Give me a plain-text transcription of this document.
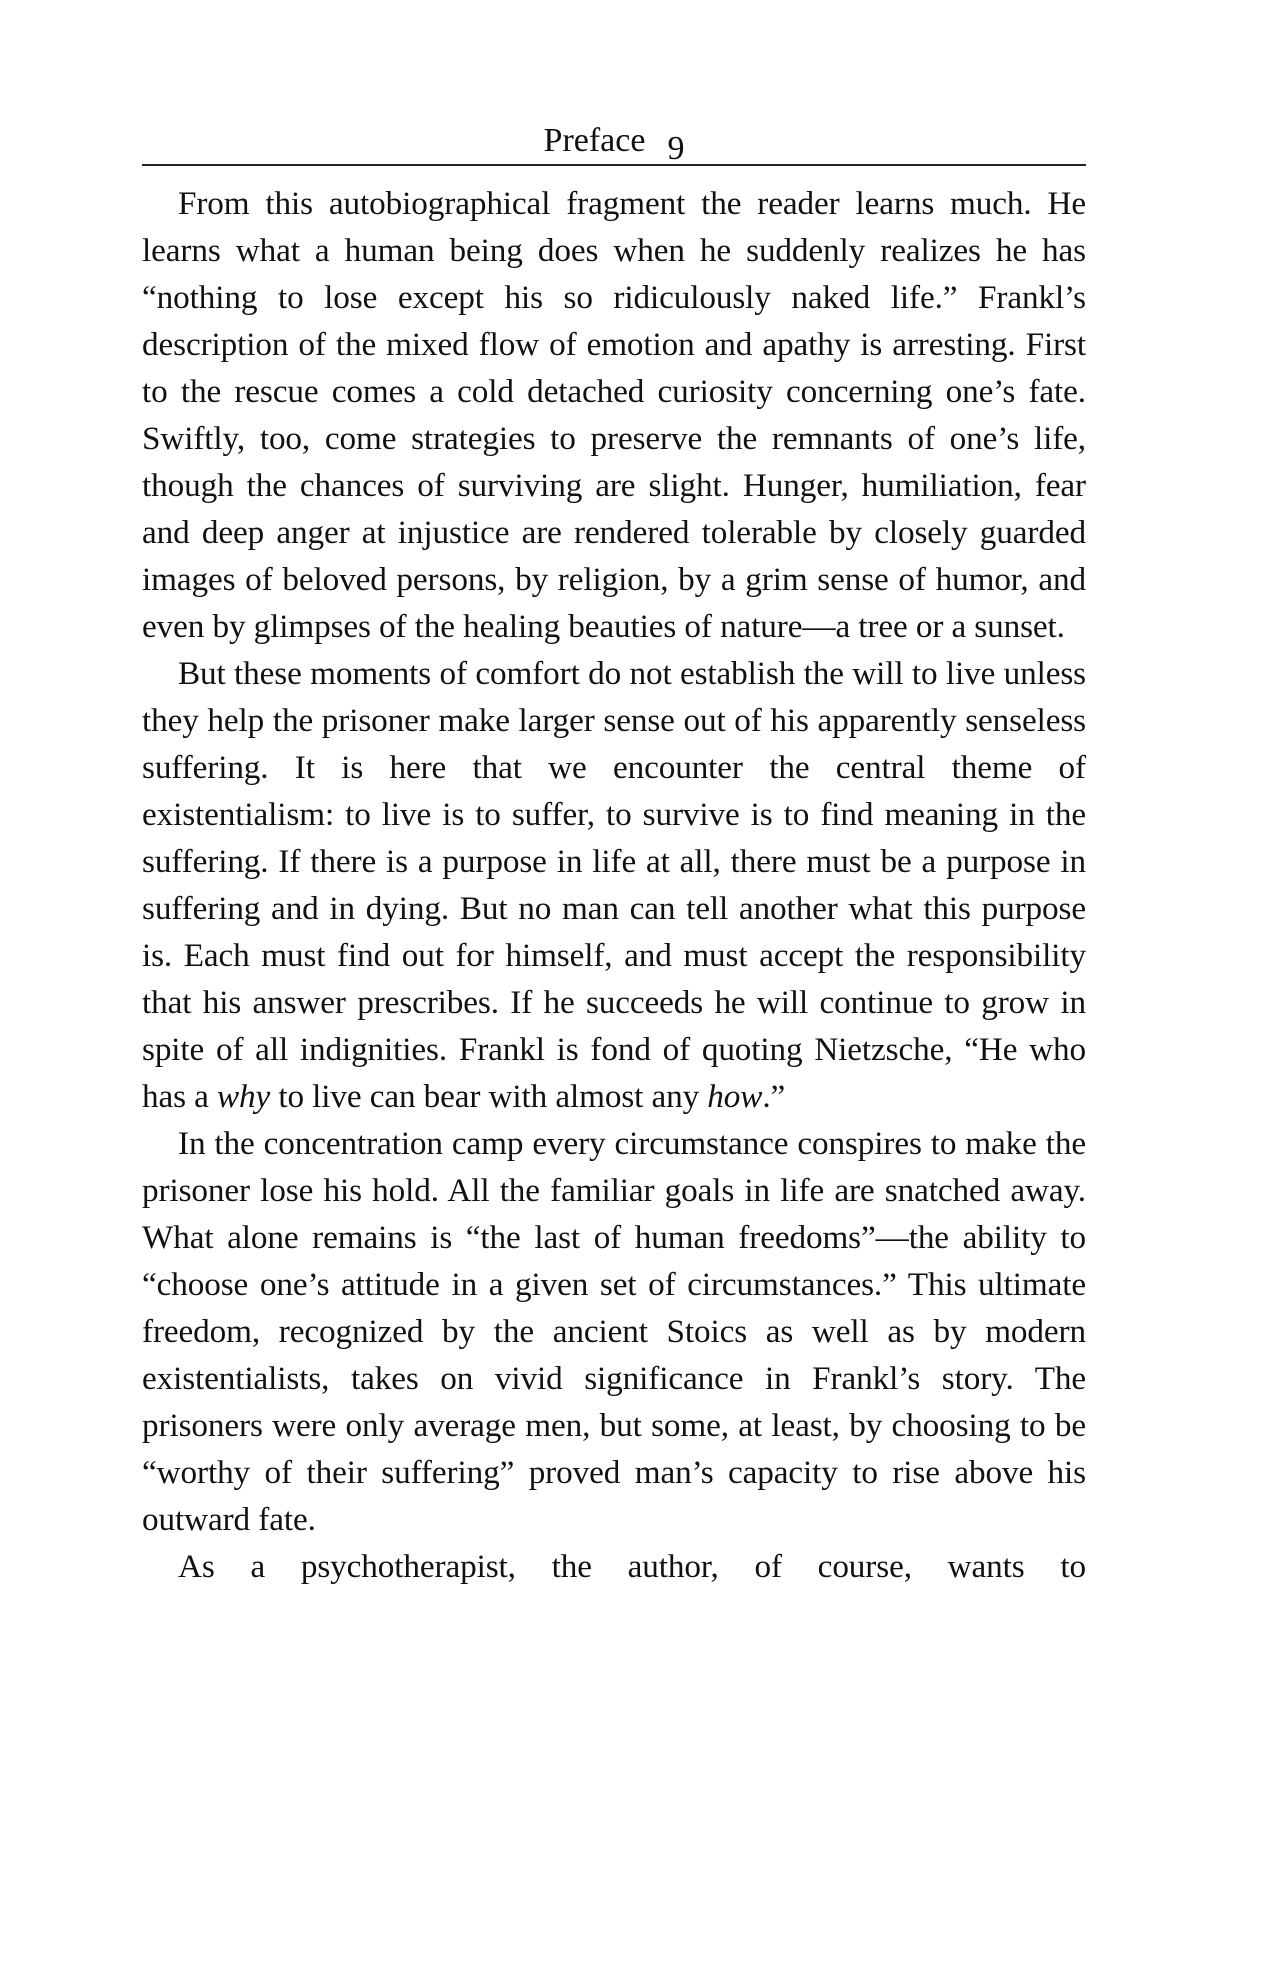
Preface 9

From this autobiographical fragment the reader learns much. He learns what a human being does when he suddenly realizes he has “nothing to lose except his so ridiculously naked life.” Frankl’s description of the mixed flow of emotion and apathy is arresting. First to the rescue comes a cold detached curiosity concerning one’s fate. Swiftly, too, come strategies to preserve the remnants of one’s life, though the chances of surviving are slight. Hunger, humiliation, fear and deep anger at injustice are rendered tolerable by closely guarded images of beloved persons, by religion, by a grim sense of humor, and even by glimpses of the healing beauties of nature—a tree or a sunset.

But these moments of comfort do not establish the will to live unless they help the prisoner make larger sense out of his apparently senseless suffering. It is here that we encounter the central theme of existentialism: to live is to suffer, to survive is to find meaning in the suffering. If there is a purpose in life at all, there must be a purpose in suffering and in dying. But no man can tell another what this purpose is. Each must find out for himself, and must accept the responsibility that his answer prescribes. If he succeeds he will continue to grow in spite of all indignities. Frankl is fond of quoting Nietzsche, “He who has a why to live can bear with almost any how.”

In the concentration camp every circumstance conspires to make the prisoner lose his hold. All the familiar goals in life are snatched away. What alone remains is “the last of human freedoms”—the ability to “choose one’s attitude in a given set of circumstances.” This ultimate freedom, recognized by the ancient Stoics as well as by modern existentialists, takes on vivid significance in Frankl’s story. The prisoners were only average men, but some, at least, by choosing to be “worthy of their suffering” proved man’s capacity to rise above his outward fate.

As a psychotherapist, the author, of course, wants to
